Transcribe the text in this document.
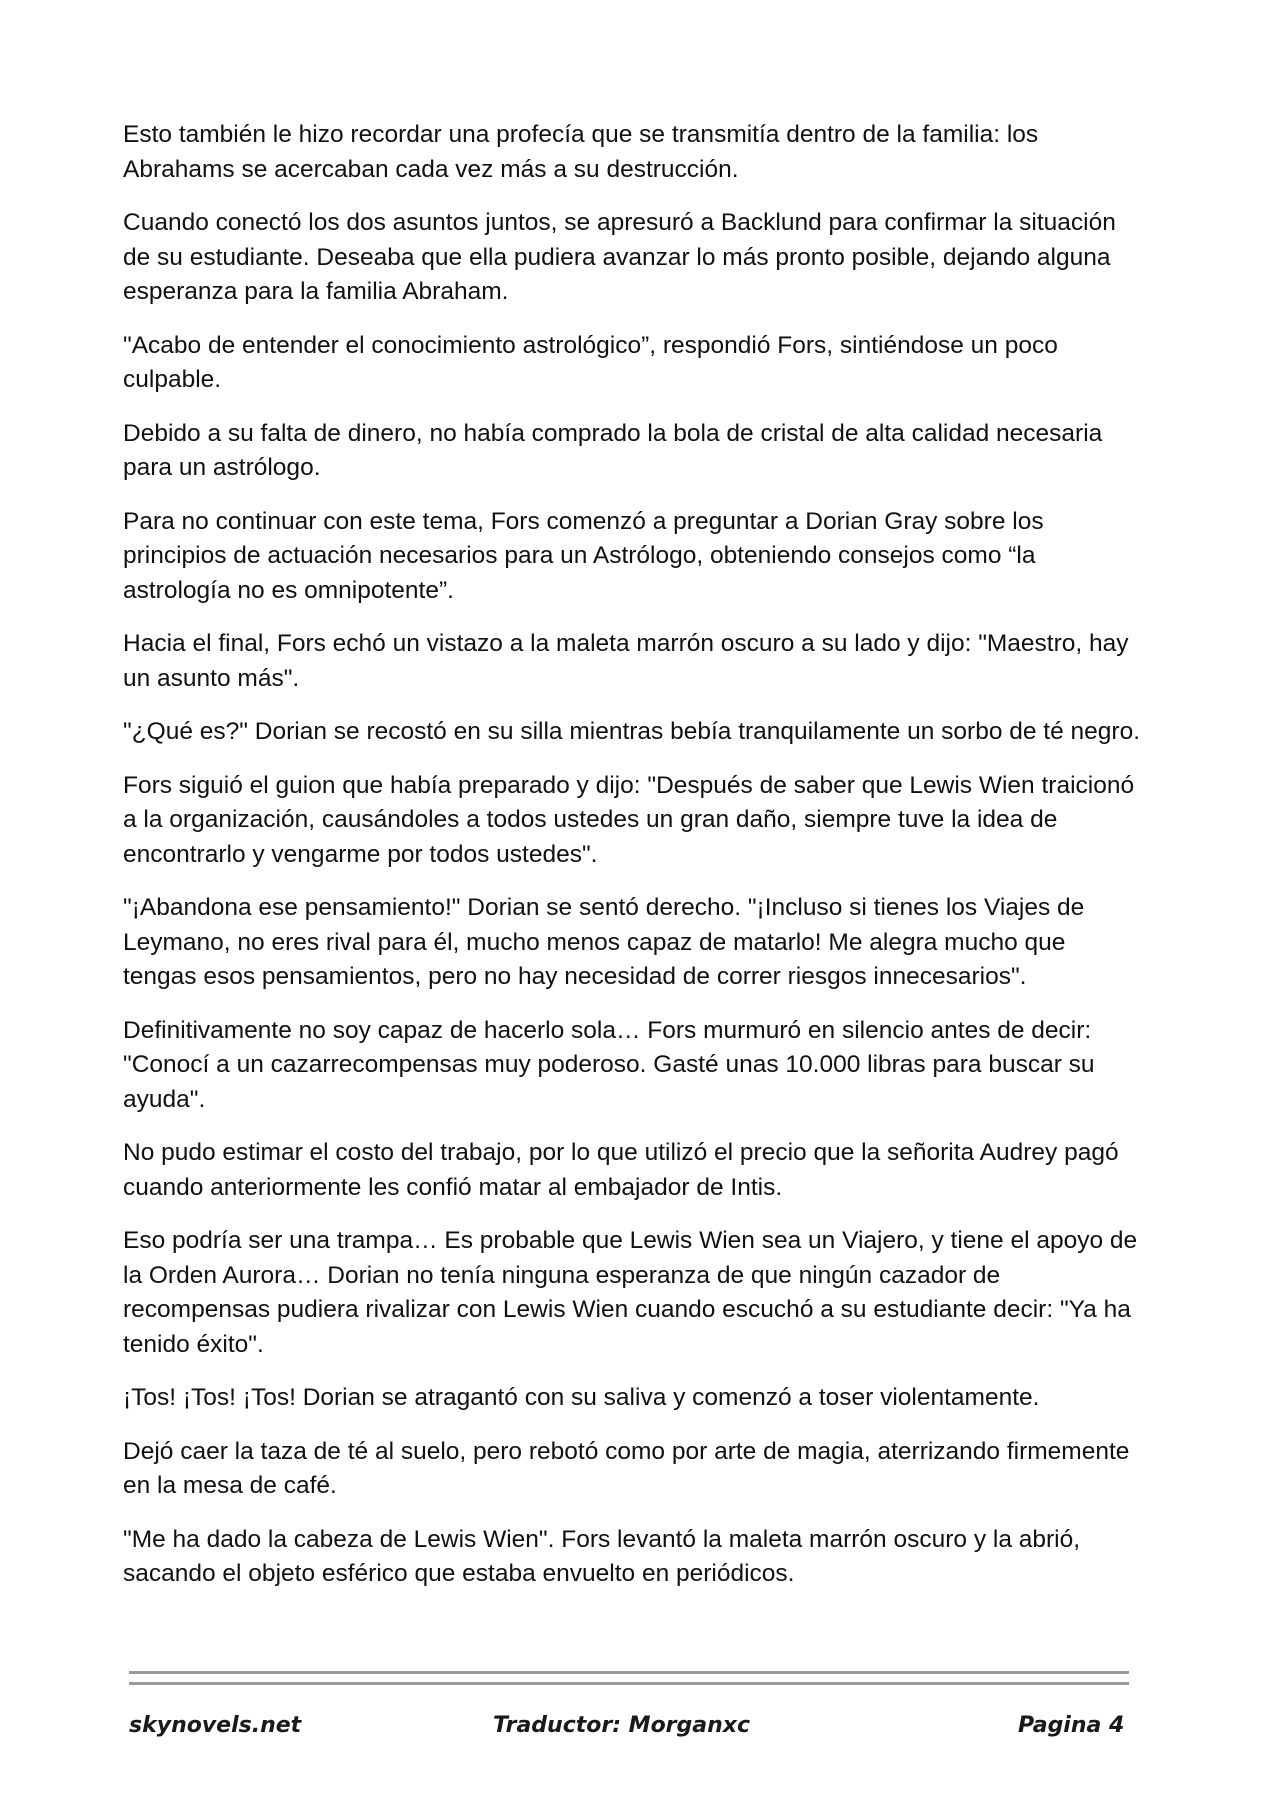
Esto también le hizo recordar una profecía que se transmitía dentro de la familia: los Abrahams se acercaban cada vez más a su destrucción.

Cuando conectó los dos asuntos juntos, se apresuró a Backlund para confirmar la situación de su estudiante. Deseaba que ella pudiera avanzar lo más pronto posible, dejando alguna esperanza para la familia Abraham.

"Acabo de entender el conocimiento astrológico”, respondió Fors, sintiéndose un poco culpable.

Debido a su falta de dinero, no había comprado la bola de cristal de alta calidad necesaria para un astrólogo.

Para no continuar con este tema, Fors comenzó a preguntar a Dorian Gray sobre los principios de actuación necesarios para un Astrólogo, obteniendo consejos como “la astrología no es omnipotente”.

Hacia el final, Fors echó un vistazo a la maleta marrón oscuro a su lado y dijo: "Maestro, hay un asunto más".

"¿Qué es?" Dorian se recostó en su silla mientras bebía tranquilamente un sorbo de té negro.

Fors siguió el guion que había preparado y dijo: "Después de saber que Lewis Wien traicionó a la organización, causándoles a todos ustedes un gran daño, siempre tuve la idea de encontrarlo y vengarme por todos ustedes".

"¡Abandona ese pensamiento!" Dorian se sentó derecho. "¡Incluso si tienes los Viajes de Leymano, no eres rival para él, mucho menos capaz de matarlo! Me alegra mucho que tengas esos pensamientos, pero no hay necesidad de correr riesgos innecesarios".

Definitivamente no soy capaz de hacerlo sola… Fors murmuró en silencio antes de decir: "Conocí a un cazarrecompensas muy poderoso. Gasté unas 10.000 libras para buscar su ayuda".

No pudo estimar el costo del trabajo, por lo que utilizó el precio que la señorita Audrey pagó cuando anteriormente les confió matar al embajador de Intis.

Eso podría ser una trampa… Es probable que Lewis Wien sea un Viajero, y tiene el apoyo de la Orden Aurora… Dorian no tenía ninguna esperanza de que ningún cazador de recompensas pudiera rivalizar con Lewis Wien cuando escuchó a su estudiante decir: "Ya ha tenido éxito".

¡Tos! ¡Tos! ¡Tos! Dorian se atragantó con su saliva y comenzó a toser violentamente.

Dejó caer la taza de té al suelo, pero rebotó como por arte de magia, aterrizando firmemente en la mesa de café.

"Me ha dado la cabeza de Lewis Wien". Fors levantó la maleta marrón oscuro y la abrió, sacando el objeto esférico que estaba envuelto en periódicos.

skynovels.net	Traductor: Morganxc	Pagina 4
